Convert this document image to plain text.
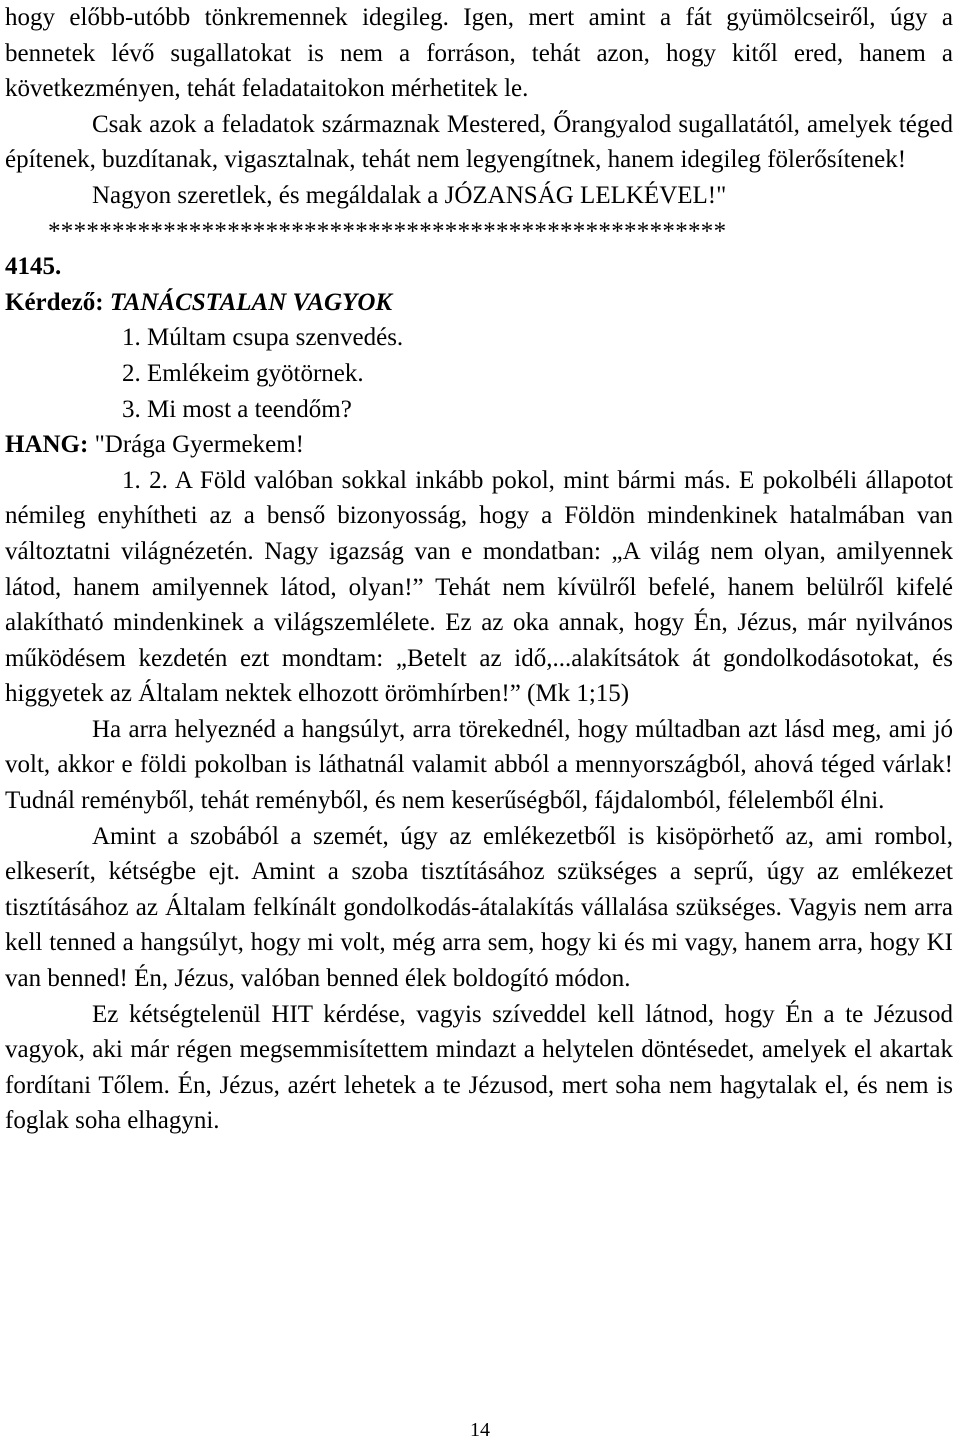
hogy előbb-utóbb tönkremennek idegileg. Igen, mert amint a fát gyümölcseiről, úgy a bennetek lévő sugallatokat is nem a forráson, tehát azon, hogy kitől ered, hanem a következményen, tehát feladataitokon mérhetitek le.

Csak azok a feladatok származnak Mestered, Őrangyalod sugallatától, amelyek téged építenek, buzdítanak, vigasztalnak, tehát nem legyengítnek, hanem idegileg fölerősítenek!

Nagyon szeretlek, és megáldalak a JÓZANSÁG LELKÉVEL!"

*****************************************************
4145.
Kérdező: TANÁCSTALAN VAGYOK
1. Múltam csupa szenvedés.
2. Emlékeim gyötörnek.
3. Mi most a teendőm?
HANG: "Drága Gyermekem!

1. 2. A Föld valóban sokkal inkább pokol, mint bármi más. E pokolbéli állapotot némileg enyhítheti az a benső bizonyosság, hogy a Földön mindenkinek hatalmában van változtatni világnézetén. Nagy igazság van e mondatban: „A világ nem olyan, amilyennek látod, hanem amilyennek látod, olyan!” Tehát nem kívülről befelé, hanem belülről kifelé alakítható mindenkinek a világszemlélete. Ez az oka annak, hogy Én, Jézus, már nyilvános működésem kezdetén ezt mondtam: „Betelt az idő,...alakítsátok át gondolkodásotokat, és higgyetek az Általam nektek elhozott örömhírben!” (Mk 1;15)

Ha arra helyeznéd a hangsúlyt, arra törekednél, hogy múltadban azt lásd meg, ami jó volt, akkor e földi pokolban is láthatnál valamit abból a mennyországból, ahová téged várlak! Tudnál reményből, tehát reményből, és nem keserűségből, fájdalomból, félelemből élni.

Amint a szobából a szemét, úgy az emlékezetből is kisöpörhető az, ami rombol, elkeserít, kétségbe ejt. Amint a szoba tisztításához szükséges a seprű, úgy az emlékezet tisztításához az Általam felkínált gondolkodás-átalakítás vállalása szükséges. Vagyis nem arra kell tenned a hangsúlyt, hogy mi volt, még arra sem, hogy ki és mi vagy, hanem arra, hogy KI van benned! Én, Jézus, valóban benned élek boldogító módon.

Ez kétségtelenül HIT kérdése, vagyis szíveddel kell látnod, hogy Én a te Jézusod vagyok, aki már régen megsemmisítettem mindazt a helytelen döntésedet, amelyek el akartak fordítani Tőlem. Én, Jézus, azért lehetek a te Jézusod, mert soha nem hagytalak el, és nem is foglak soha elhagyni.

14
